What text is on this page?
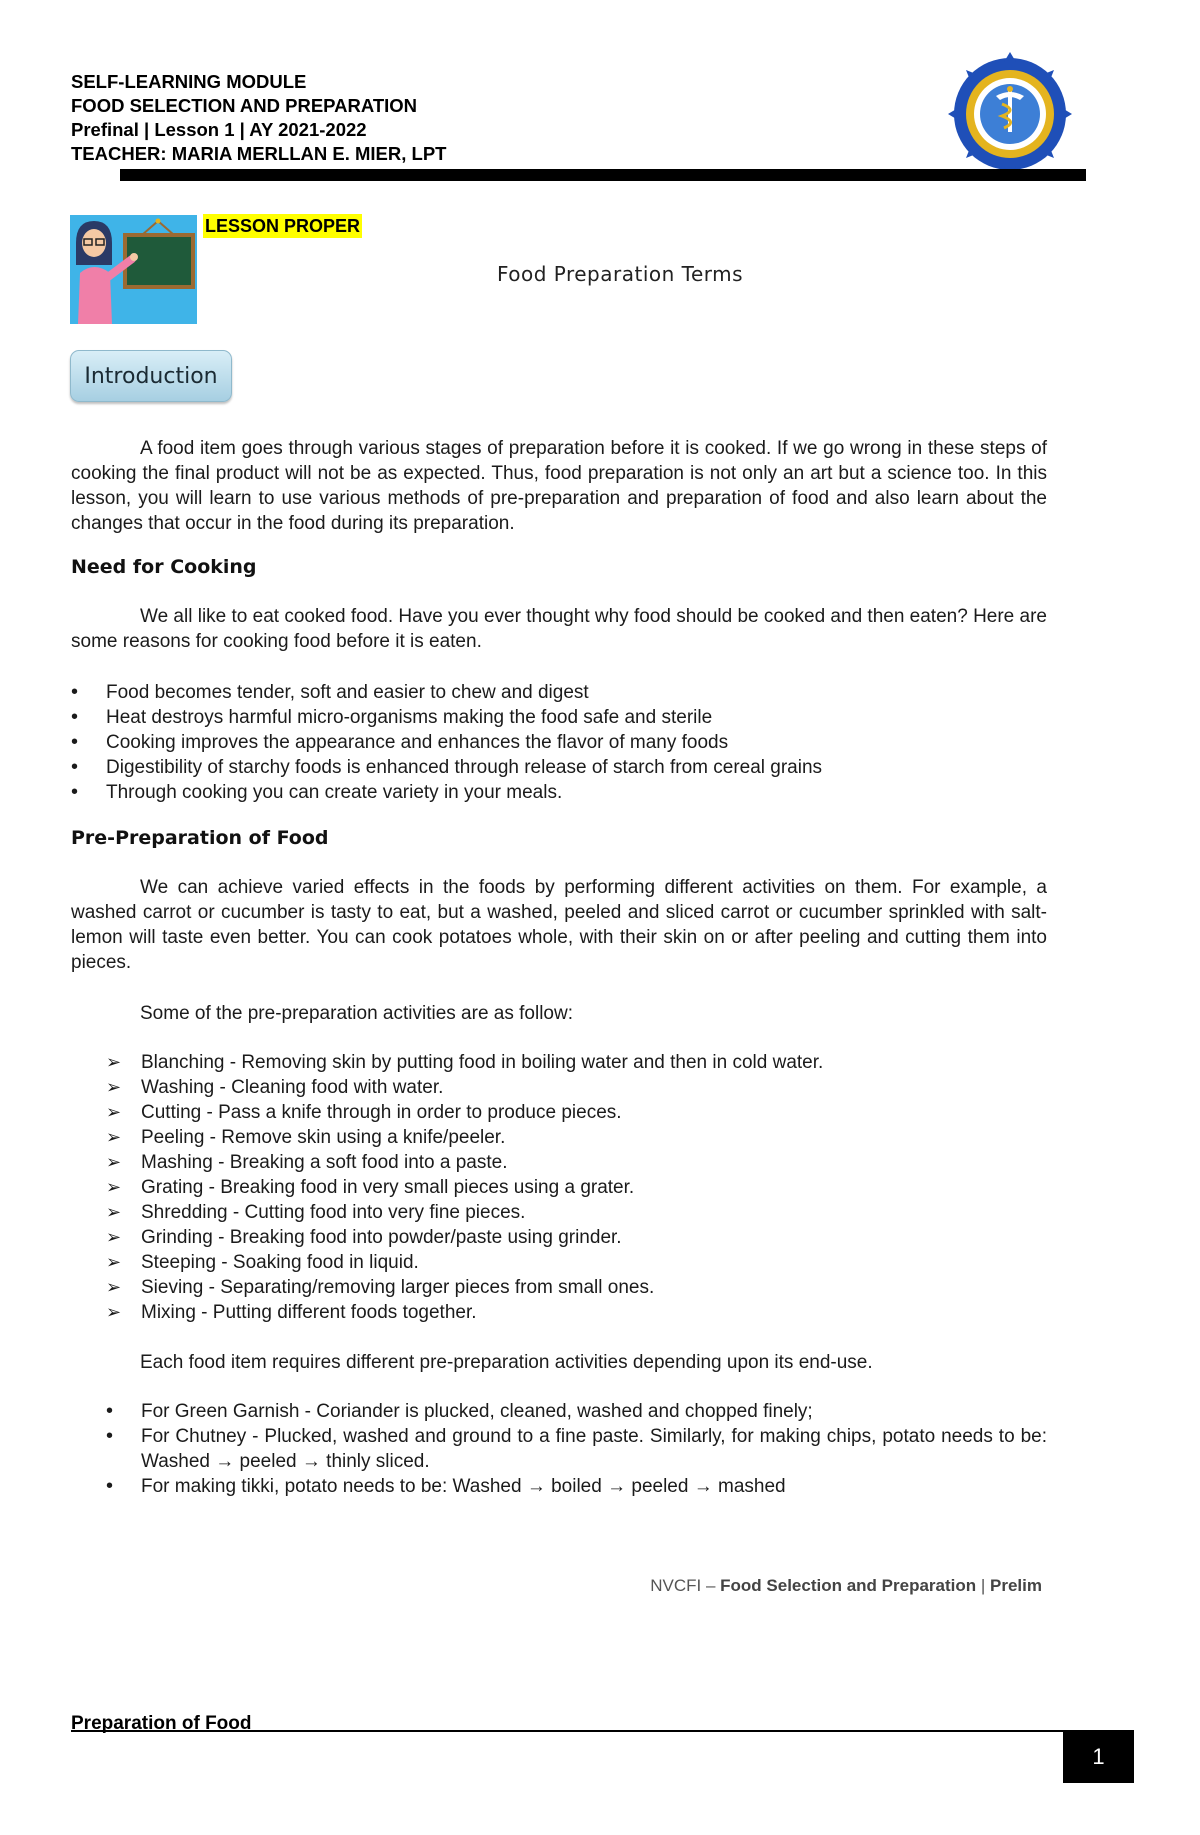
SELF-LEARNING MODULE
FOOD SELECTION AND PREPARATION
Prefinal | Lesson 1 | AY 2021-2022
TEACHER: MARIA MERLLAN E. MIER, LPT
LESSON PROPER
Food Preparation Terms
Introduction
A food item goes through various stages of preparation before it is cooked. If we go wrong in these steps of cooking the final product will not be as expected. Thus, food preparation is not only an art but a science too. In this lesson, you will learn to use various methods of pre-preparation and preparation of food and also learn about the changes that occur in the food during its preparation.
Need for Cooking
We all like to eat cooked food. Have you ever thought why food should be cooked and then eaten? Here are some reasons for cooking food before it is eaten.
• Food becomes tender, soft and easier to chew and digest
• Heat destroys harmful micro-organisms making the food safe and sterile
• Cooking improves the appearance and enhances the flavor of many foods
• Digestibility of starchy foods is enhanced through release of starch from cereal grains
• Through cooking you can create variety in your meals.
Pre-Preparation of Food
We can achieve varied effects in the foods by performing different activities on them. For example, a washed carrot or cucumber is tasty to eat, but a washed, peeled and sliced carrot or cucumber sprinkled with salt-lemon will taste even better. You can cook potatoes whole, with their skin on or after peeling and cutting them into pieces.
Some of the pre-preparation activities are as follow:
➢ Blanching - Removing skin by putting food in boiling water and then in cold water.
➢ Washing - Cleaning food with water.
➢ Cutting - Pass a knife through in order to produce pieces.
➢ Peeling - Remove skin using a knife/peeler.
➢ Mashing - Breaking a soft food into a paste.
➢ Grating - Breaking food in very small pieces using a grater.
➢ Shredding - Cutting food into very fine pieces.
➢ Grinding - Breaking food into powder/paste using grinder.
➢ Steeping - Soaking food in liquid.
➢ Sieving - Separating/removing larger pieces from small ones.
➢ Mixing - Putting different foods together.
Each food item requires different pre-preparation activities depending upon its end-use.
• For Green Garnish - Coriander is plucked, cleaned, washed and chopped finely;
• For Chutney - Plucked, washed and ground to a fine paste. Similarly, for making chips, potato needs to be: Washed → peeled → thinly sliced.
• For making tikki, potato needs to be: Washed → boiled → peeled → mashed
NVCFI – Food Selection and Preparation | Prelim
Preparation of Food
1
